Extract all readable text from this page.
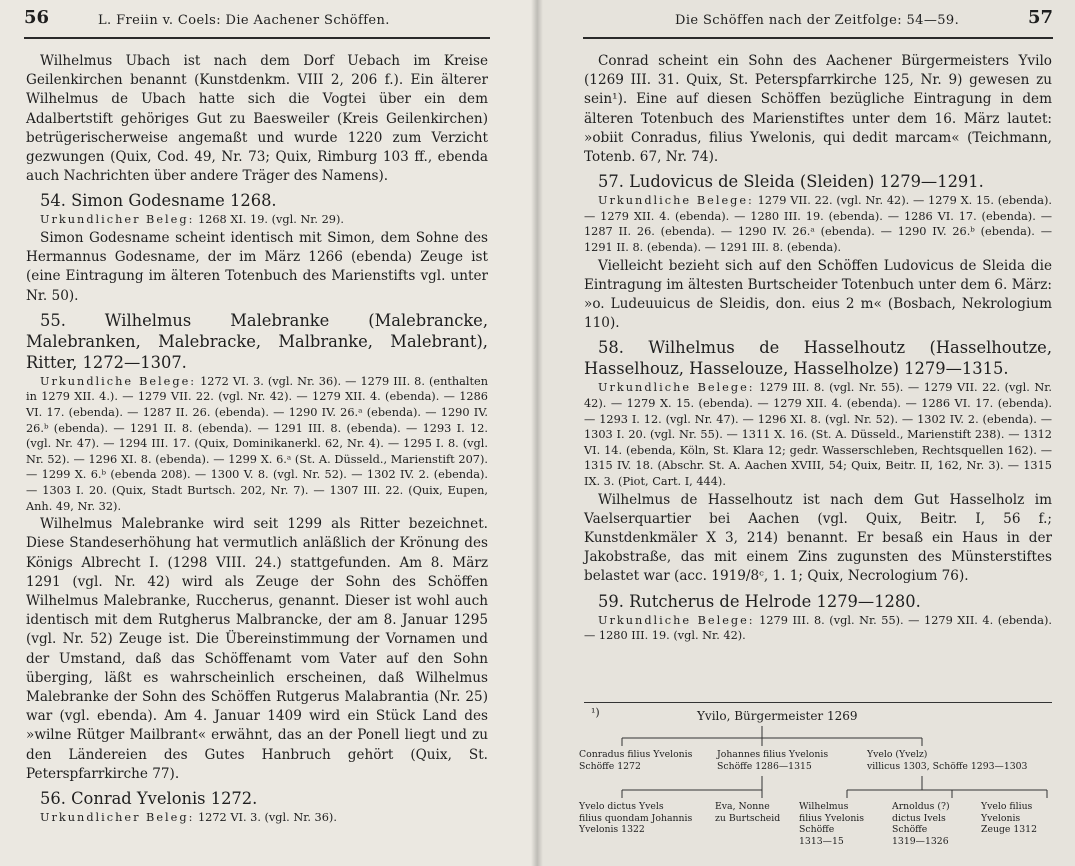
56	L. Freiin v. Coels: Die Aachener Schöffen.

Wilhelmus Ubach ist nach dem Dorf Uebach im Kreise Geilenkirchen benannt (Kunstdenkm. VIII 2, 206 f.). Ein älterer Wilhelmus de Ubach hatte sich die Vogtei über ein dem Adalbertstift gehöriges Gut zu Baesweiler (Kreis Geilenkirchen) betrügerischerweise angemaßt und wurde 1220 zum Verzicht gezwungen (Quix, Cod. 49, Nr. 73; Quix, Rimburg 103 ff., ebenda auch Nachrichten über andere Träger des Namens).

54. Simon Godesname 1268.

Urkundlicher Beleg: 1268 XI. 19. (vgl. Nr. 29).

Simon Godesname scheint identisch mit Simon, dem Sohne des Hermannus Godesname, der im März 1266 (ebenda) Zeuge ist (eine Eintragung im älteren Totenbuch des Marienstifts vgl. unter Nr. 50).

55. Wilhelmus Malebranke (Malebrancke, Malebranken, Malebracke, Malbranke, Malebrant), Ritter, 1272—1307.

Urkundliche Belege: 1272 VI. 3. (vgl. Nr. 36). — 1279 III. 8. (enthalten in 1279 XII. 4.). — 1279 VII. 22. (vgl. Nr. 42). — 1279 XII. 4. (ebenda). — 1286 VI. 17. (ebenda). — 1287 II. 26. (ebenda). — 1290 IV. 26.ᵃ (ebenda). — 1290 IV. 26.ᵇ (ebenda). — 1291 II. 8. (ebenda). — 1291 III. 8. (ebenda). — 1293 I. 12. (vgl. Nr. 47). — 1294 III. 17. (Quix, Dominikanerkl. 62, Nr. 4). — 1295 I. 8. (vgl. Nr. 52). — 1296 XI. 8. (ebenda). — 1299 X. 6.ᵃ (St. A. Düsseld., Marienstift 207). — 1299 X. 6.ᵇ (ebenda 208). — 1300 V. 8. (vgl. Nr. 52). — 1302 IV. 2. (ebenda). — 1303 I. 20. (Quix, Stadt Burtsch. 202, Nr. 7). — 1307 III. 22. (Quix, Eupen, Anh. 49, Nr. 32).

Wilhelmus Malebranke wird seit 1299 als Ritter bezeichnet. Diese Standeserhöhung hat vermutlich anläßlich der Krönung des Königs Albrecht I. (1298 VIII. 24.) stattgefunden. Am 8. März 1291 (vgl. Nr. 42) wird als Zeuge der Sohn des Schöffen Wilhelmus Malebranke, Ruccherus, genannt. Dieser ist wohl auch identisch mit dem Rutgherus Malbrancke, der am 8. Januar 1295 (vgl. Nr. 52) Zeuge ist. Die Übereinstimmung der Vornamen und der Umstand, daß das Schöffenamt vom Vater auf den Sohn überging, läßt es wahrscheinlich erscheinen, daß Wilhelmus Malebranke der Sohn des Schöffen Rutgerus Malabrantia (Nr. 25) war (vgl. ebenda). Am 4. Januar 1409 wird ein Stück Land des »wilne Rütger Mailbrant« erwähnt, das an der Ponell liegt und zu den Ländereien des Gutes Hanbruch gehört (Quix, St. Peterspfarrkirche 77).

56. Conrad Yvelonis 1272.

Urkundlicher Beleg: 1272 VI. 3. (vgl. Nr. 36).

Die Schöffen nach der Zeitfolge: 54—59.	57

Conrad scheint ein Sohn des Aachener Bürgermeisters Yvilo (1269 III. 31. Quix, St. Peterspfarrkirche 125, Nr. 9) gewesen zu sein¹). Eine auf diesen Schöffen bezügliche Eintragung in dem älteren Totenbuch des Marienstiftes unter dem 16. März lautet: »obiit Conradus, filius Ywelonis, qui dedit marcam« (Teichmann, Totenb. 67, Nr. 74).

57. Ludovicus de Sleida (Sleiden) 1279—1291.

Urkundliche Belege: 1279 VII. 22. (vgl. Nr. 42). — 1279 X. 15. (ebenda). — 1279 XII. 4. (ebenda). — 1280 III. 19. (ebenda). — 1286 VI. 17. (ebenda). — 1287 II. 26. (ebenda). — 1290 IV. 26.ᵃ (ebenda). — 1290 IV. 26.ᵇ (ebenda). — 1291 II. 8. (ebenda). — 1291 III. 8. (ebenda).

Vielleicht bezieht sich auf den Schöffen Ludovicus de Sleida die Eintragung im ältesten Burtscheider Totenbuch unter dem 6. März: »o. Ludeuuicus de Sleidis, don. eius 2 m« (Bosbach, Nekrologium 110).

58. Wilhelmus de Hasselhoutz (Hasselhoutze, Hasselhouz, Hasselouze, Hasselholze) 1279—1315.

Urkundliche Belege: 1279 III. 8. (vgl. Nr. 55). — 1279 VII. 22. (vgl. Nr. 42). — 1279 X. 15. (ebenda). — 1279 XII. 4. (ebenda). — 1286 VI. 17. (ebenda). — 1293 I. 12. (vgl. Nr. 47). — 1296 XI. 8. (vgl. Nr. 52). — 1302 IV. 2. (ebenda). — 1303 I. 20. (vgl. Nr. 55). — 1311 X. 16. (St. A. Düsseld., Marienstift 238). — 1312 VI. 14. (ebenda, Köln, St. Klara 12; gedr. Wasserschleben, Rechtsquellen 162). — 1315 IV. 18. (Abschr. St. A. Aachen XVIII, 54; Quix, Beitr. II, 162, Nr. 3). — 1315 IX. 3. (Piot, Cart. I, 444).

Wilhelmus de Hasselhoutz ist nach dem Gut Hasselholz im Vaelserquartier bei Aachen (vgl. Quix, Beitr. I, 56 f.; Kunstdenkmäler X 3, 214) benannt. Er besaß ein Haus in der Jakobstraße, das mit einem Zins zugunsten des Münsterstiftes belastet war (acc. 1919/8ᶜ, 1. 1; Quix, Necrologium 76).

59. Rutcherus de Helrode 1279—1280.

Urkundliche Belege: 1279 III. 8. (vgl. Nr. 55). — 1279 XII. 4. (ebenda). — 1280 III. 19. (vgl. Nr. 42).

¹)	Yvilo, Bürgermeister 1269
Conradus filius Yvelonis
Schöffe 1272
Johannes filius Yvelonis
Schöffe 1286—1315
Yvelo (Yvelz)
villicus 1303, Schöffe 1293—1303
Yvelo dictus Yvels
filius quondam Johannis
Yvelonis 1322
Eva, Nonne
zu Burtscheid
Wilhelmus
filius Yvelonis
Schöffe
1313—15
Arnoldus (?)
dictus Ivels
Schöffe
1319—1326
Yvelo filius
Yvelonis
Zeuge 1312
